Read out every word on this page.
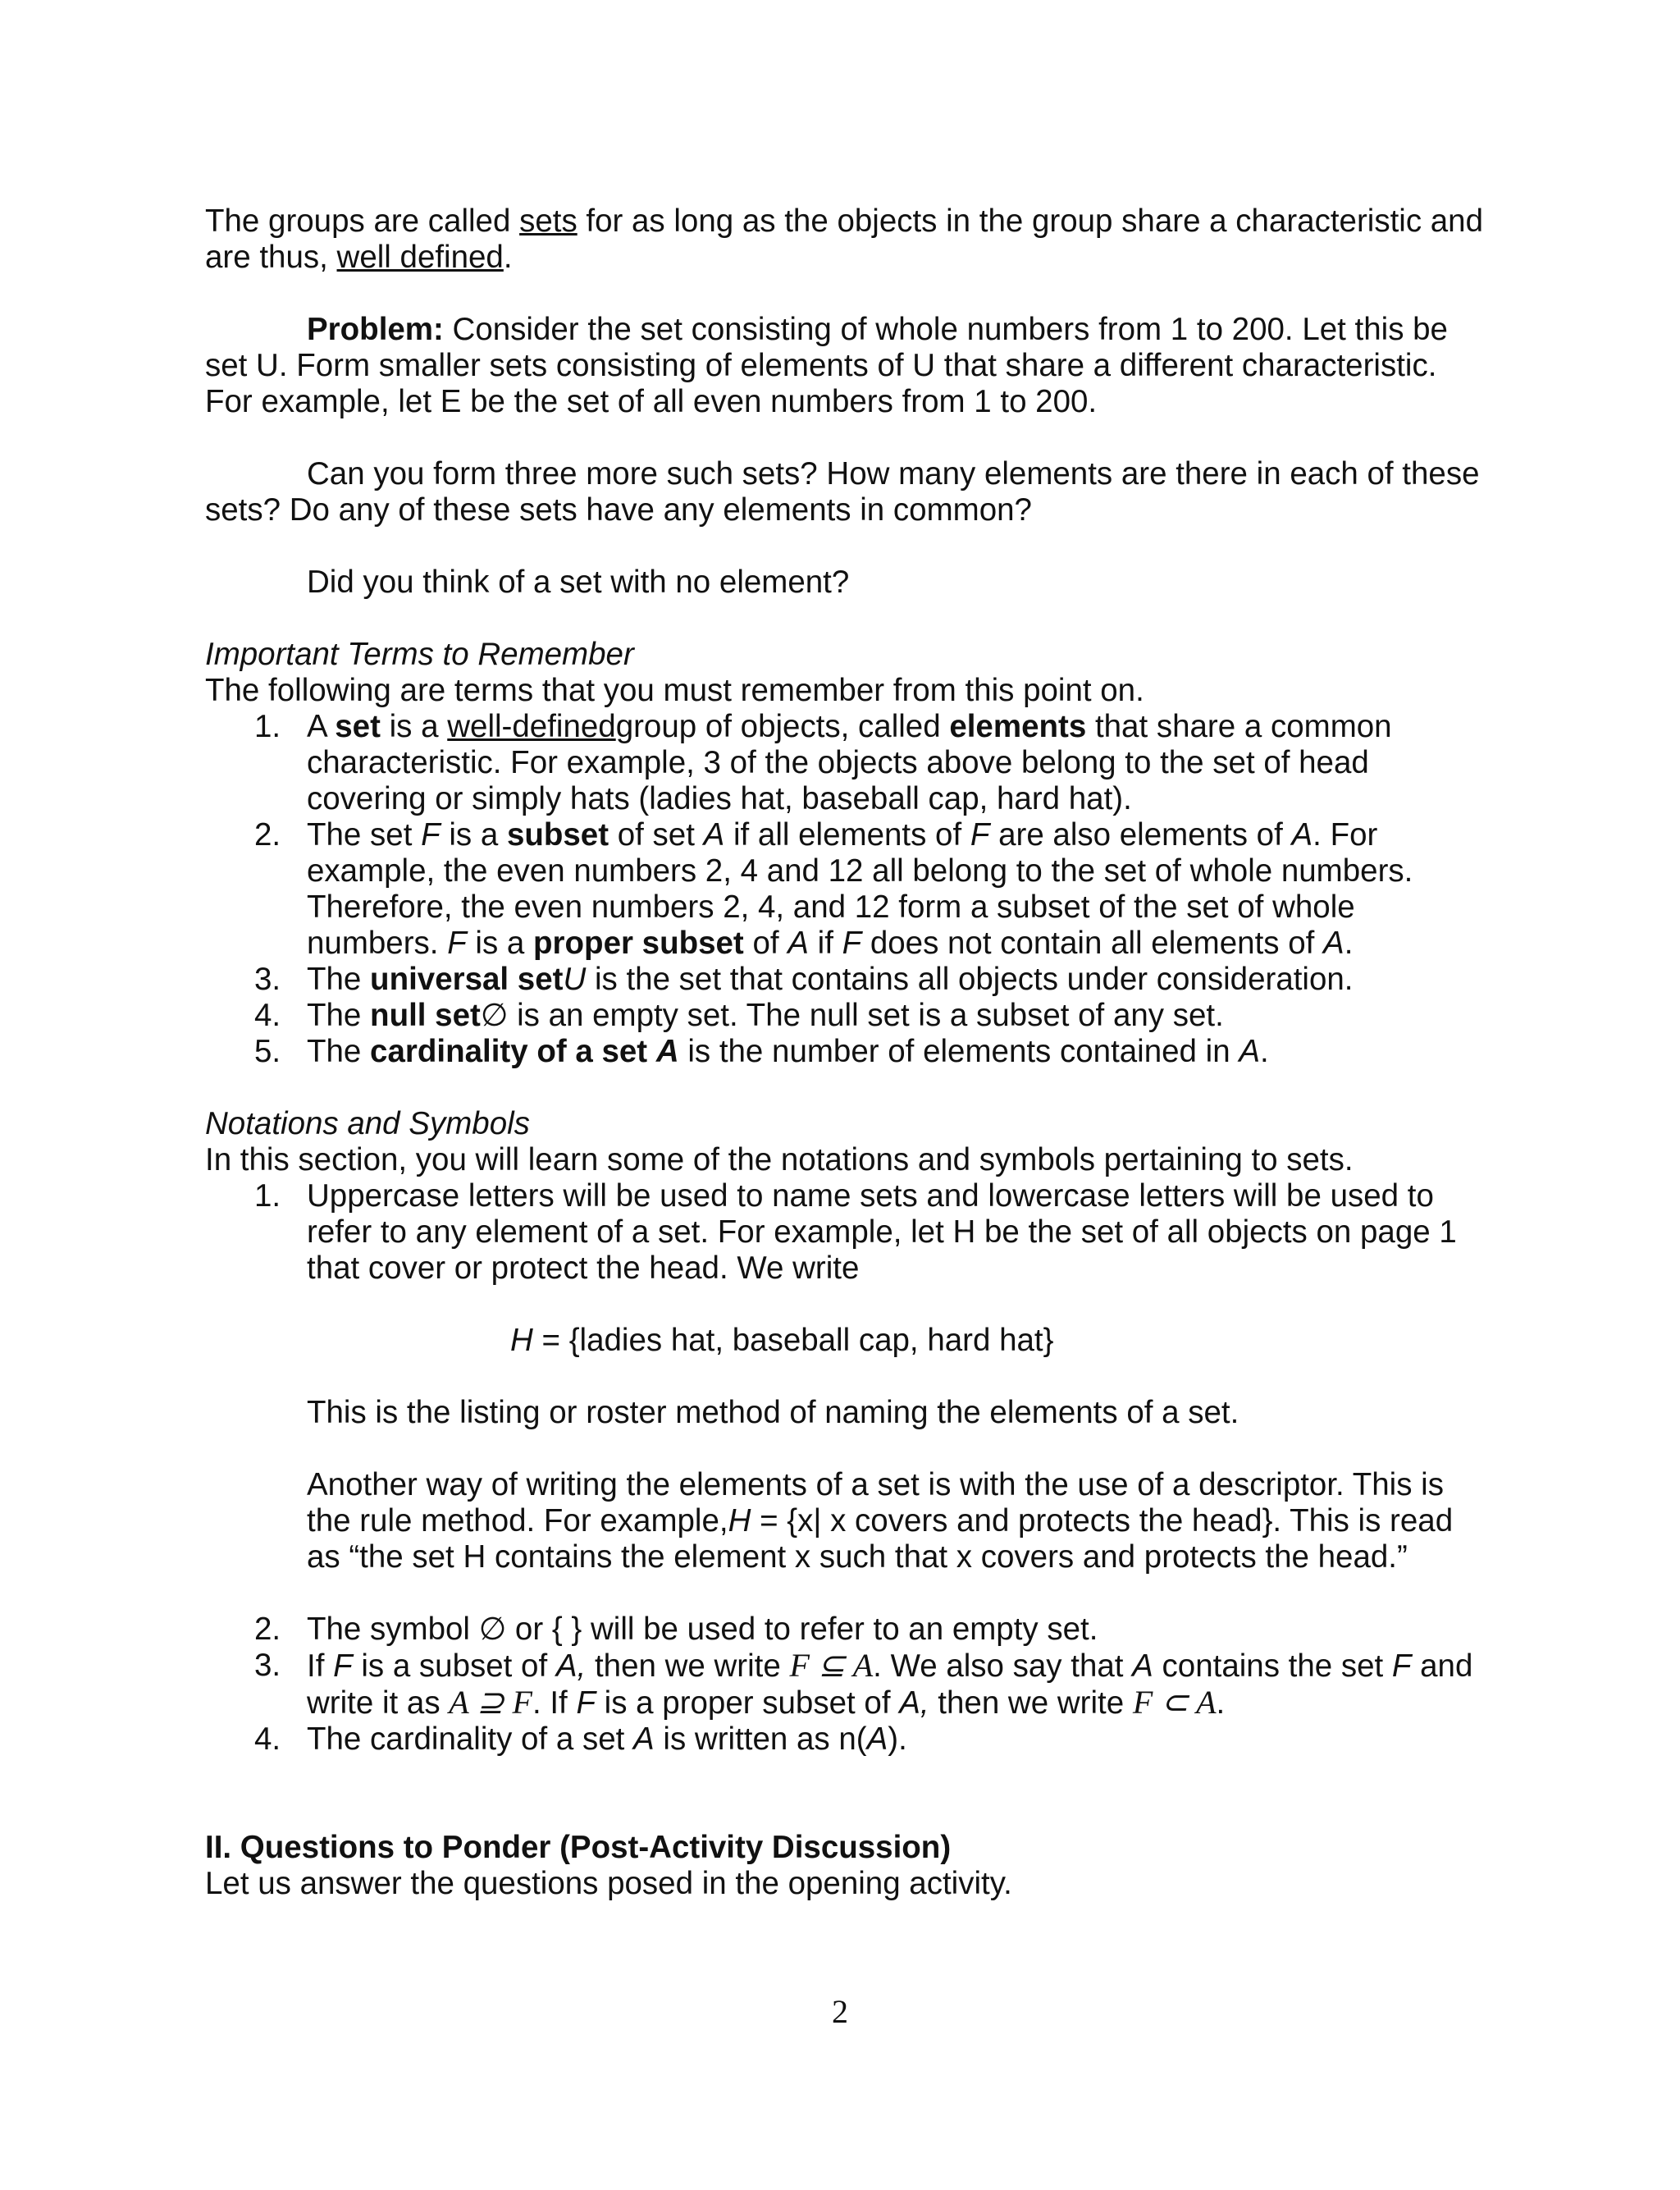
The groups are called sets for as long as the objects in the group share a characteristic and are thus, well defined.

Problem: Consider the set consisting of whole numbers from 1 to 200. Let this be set U. Form smaller sets consisting of elements of U that share a different characteristic. For example, let E be the set of all even numbers from 1 to 200.

Can you form three more such sets? How many elements are there in each of these sets? Do any of these sets have any elements in common?

Did you think of a set with no element?

Important Terms to Remember

The following are terms that you must remember from this point on.

1. A set is a well-definedgroup of objects, called elements that share a common characteristic. For example, 3 of the objects above belong to the set of head covering or simply hats (ladies hat, baseball cap, hard hat).
2. The set F is a subset of set A if all elements of F are also elements of A. For example, the even numbers 2, 4 and 12 all belong to the set of whole numbers. Therefore, the even numbers 2, 4, and 12 form a subset of the set of whole numbers. F is a proper subset of A if F does not contain all elements of A.
3. The universal setU is the set that contains all objects under consideration.
4. The null set∅ is an empty set. The null set is a subset of any set.
5. The cardinality of a set A is the number of elements contained in A.

Notations and Symbols

In this section, you will learn some of the notations and symbols pertaining to sets.

1. Uppercase letters will be used to name sets and lowercase letters will be used to refer to any element of a set. For example, let H be the set of all objects on page 1 that cover or protect the head. We write
H = {ladies hat, baseball cap, hard hat}
This is the listing or roster method of naming the elements of a set.
Another way of writing the elements of a set is with the use of a descriptor. This is the rule method. For example,H = {x| x covers and protects the head}. This is read as “the set H contains the element x such that x covers and protects the head.”
2. The symbol ∅ or { } will be used to refer to an empty set.
3. If F is a subset of A, then we write F ⊆ A. We also say that A contains the set F and write it as A ⊇ F. If F is a proper subset of A, then we write F ⊂ A.
4. The cardinality of a set A is written as n(A).

II. Questions to Ponder (Post-Activity Discussion)

Let us answer the questions posed in the opening activity.

2
